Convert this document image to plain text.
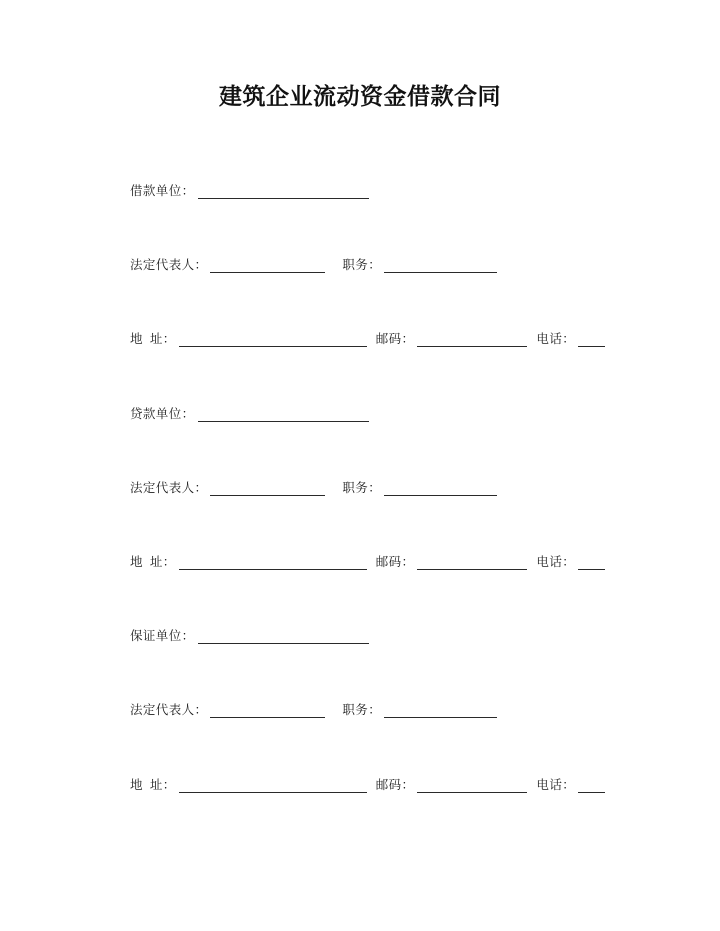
建筑企业流动资金借款合同
借款单位：
法定代表人：	职务：
地 址：	邮码：	电话：
贷款单位：
法定代表人：	职务：
地 址：	邮码：	电话：
保证单位：
法定代表人：	职务：
地 址：	邮码：	电话：
